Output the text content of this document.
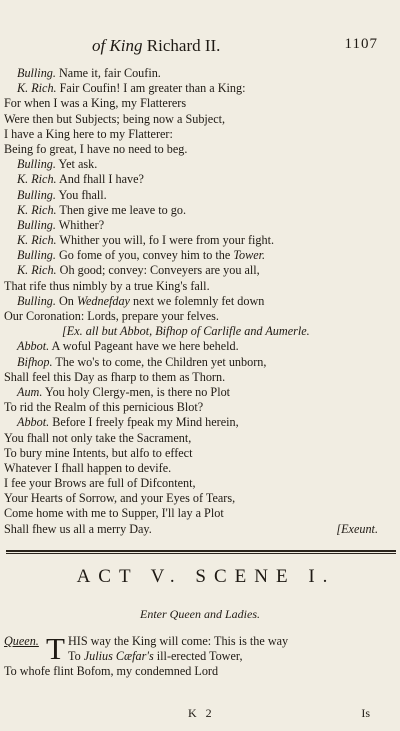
of King Richard II.	1107
Bulling. Name it, fair Coufin.
K. Rich. Fair Coufin! I am greater than a King:
For when I was a King, my Flatterers
Were then but Subjects; being now a Subject,
I have a King here to my Flatterer:
Being fo great, I have no need to beg.
Bulling. Yet ask.
K. Rich. And fhall I have?
Bulling. You fhall.
K. Rich. Then give me leave to go.
Bulling. Whither?
K. Rich. Whither you will, fo I were from your fight.
Bulling. Go fome of you, convey him to the Tower.
K. Rich. Oh good; convey: Conveyers are you all,
That rife thus nimbly by a true King's fall.
Bulling. On Wednefday next we folemnly fet down
Our Coronation: Lords, prepare your felves.
[Ex. all but Abbot, Bifhop of Carlifle and Aumerle.
Abbot. A woful Pageant have we here beheld.
Bifhop. The wo's to come, the Children yet unborn,
Shall feel this Day as fharp to them as Thorn.
Aum. You holy Clergy-men, is there no Plot
To rid the Realm of this pernicious Blot?
Abbot. Before I freely fpeak my Mind herein,
You fhall not only take the Sacrament,
To bury mine Intents, but alfo to effect
Whatever I fhall happen to devife.
I fee your Brows are full of Difcontent,
Your Hearts of Sorrow, and your Eyes of Tears,
Come home with me to Supper, I'll lay a Plot
Shall fhew us all a merry Day.	[Exeunt.
ACT V. SCENE I.
Enter Queen and Ladies.
Queen. T HIS way the King will come: This is the way
To Julius Cæfar's ill-erected Tower,
To whofe flint Bofom, my condemned Lord
K 2	Is
